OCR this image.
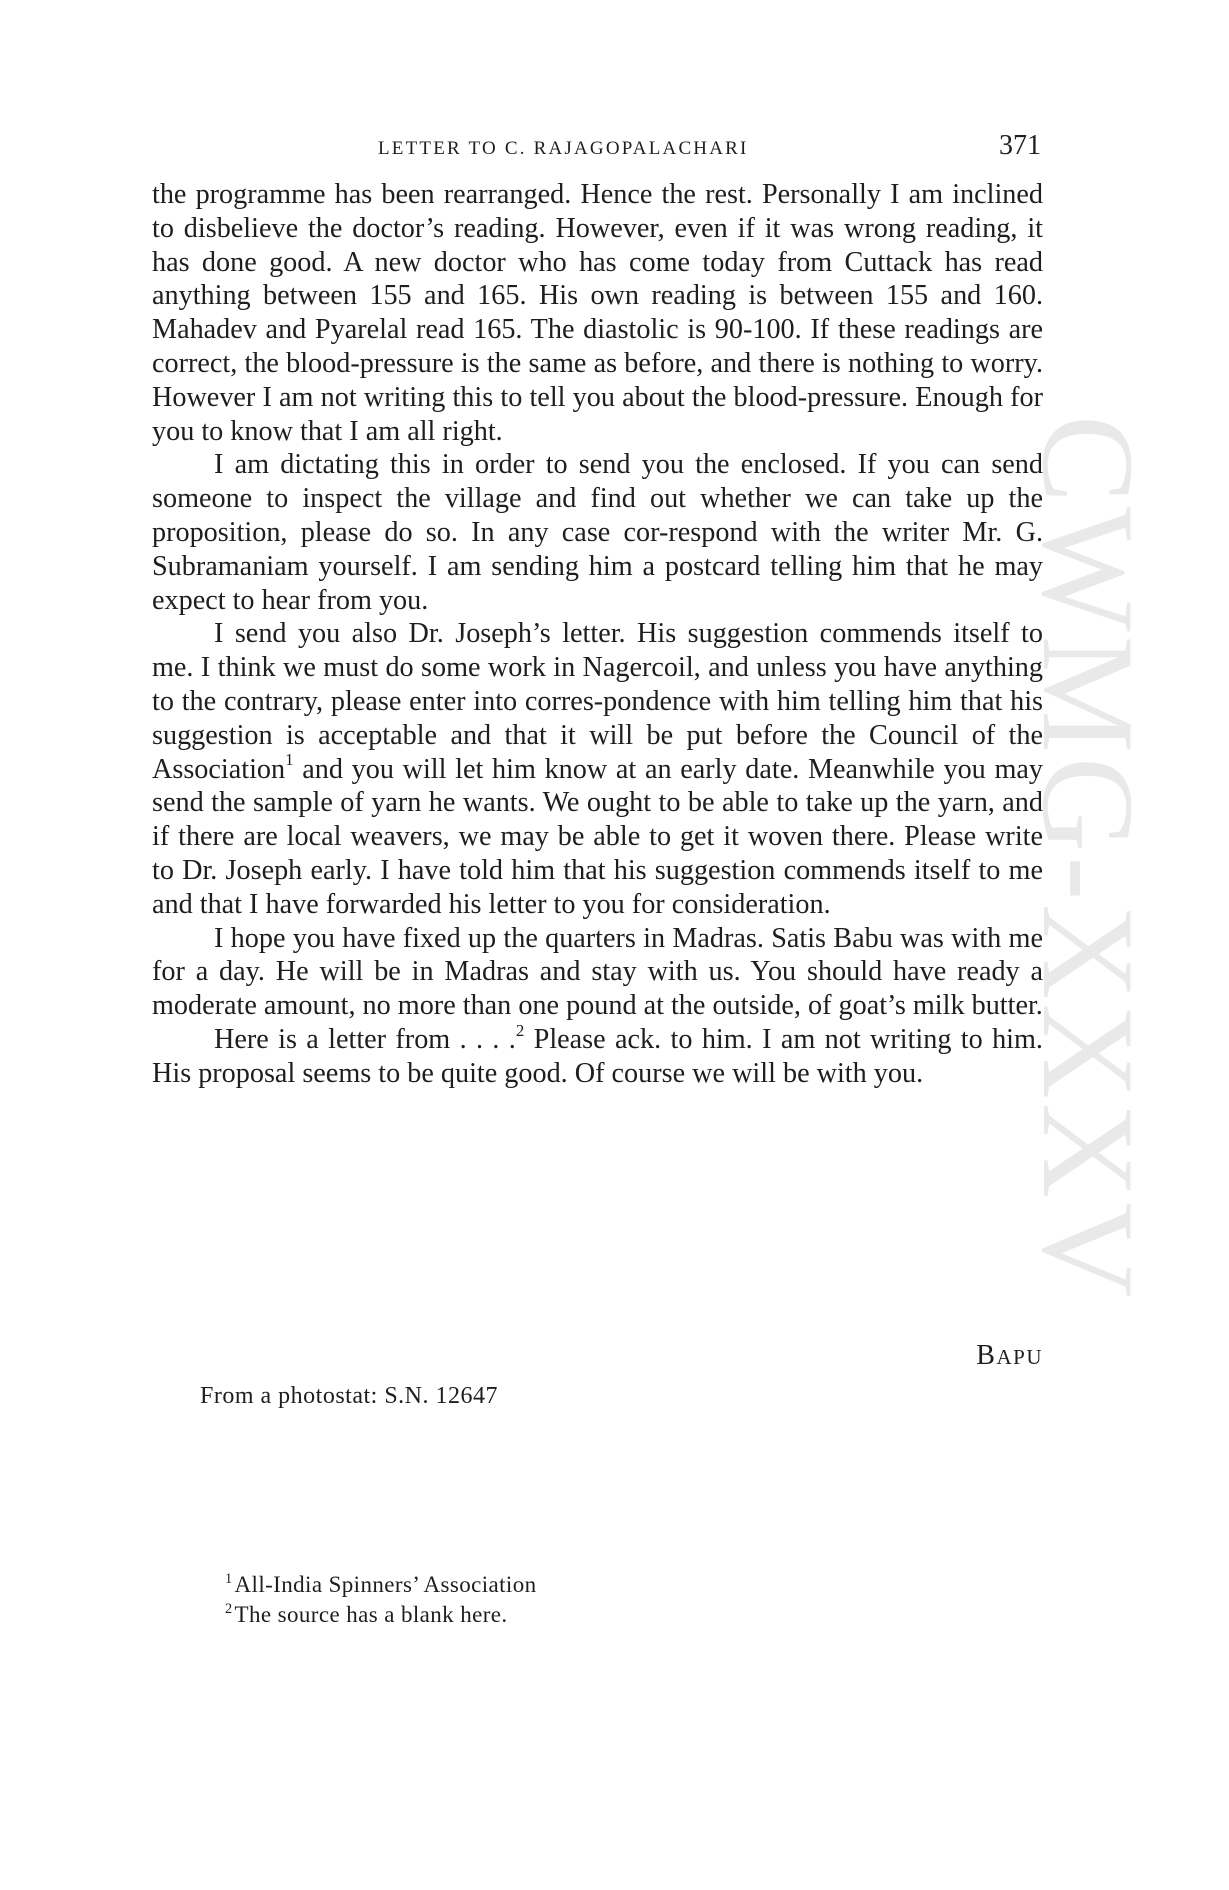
CWMG-XXXV
LETTER TO C. RAJAGOPALACHARI	371

the programme has been rearranged. Hence the rest. Personally I am inclined to disbelieve the doctor’s reading. However, even if it was wrong reading, it has done good. A new doctor who has come today from Cuttack has read anything between 155 and 165. His own reading is between 155 and 160. Mahadev and Pyarelal read 165. The diastolic is 90-100. If these readings are correct, the blood-pressure is the same as before, and there is nothing to worry. However I am not writing this to tell you about the blood-pressure. Enough for you to know that I am all right.

I am dictating this in order to send you the enclosed. If you can send someone to inspect the village and find out whether we can take up the proposition, please do so. In any case cor-respond with the writer Mr. G. Subramaniam yourself. I am sending him a postcard telling him that he may expect to hear from you.

I send you also Dr. Joseph’s letter. His suggestion commends itself to me. I think we must do some work in Nagercoil, and unless you have anything to the contrary, please enter into corres-pondence with him telling him that his suggestion is acceptable and that it will be put before the Council of the Association$^1$ and you will let him know at an early date. Meanwhile you may send the sample of yarn he wants. We ought to be able to take up the yarn, and if there are local weavers, we may be able to get it woven there. Please write to Dr. Joseph early. I have told him that his suggestion commends itself to me and that I have forwarded his letter to you for consideration.

I hope you have fixed up the quarters in Madras. Satis Babu was with me for a day. He will be in Madras and stay with us. You should have ready a moderate amount, no more than one pound at the outside, of goat’s milk butter.

Here is a letter from . . . .$^2$ Please ack. to him. I am not writing to him. His proposal seems to be quite good. Of course we will be with you.

BAPU
From a photostat: S.N. 12647
$^1$All-India Spinners’ Association
$^2$The source has a blank here.
